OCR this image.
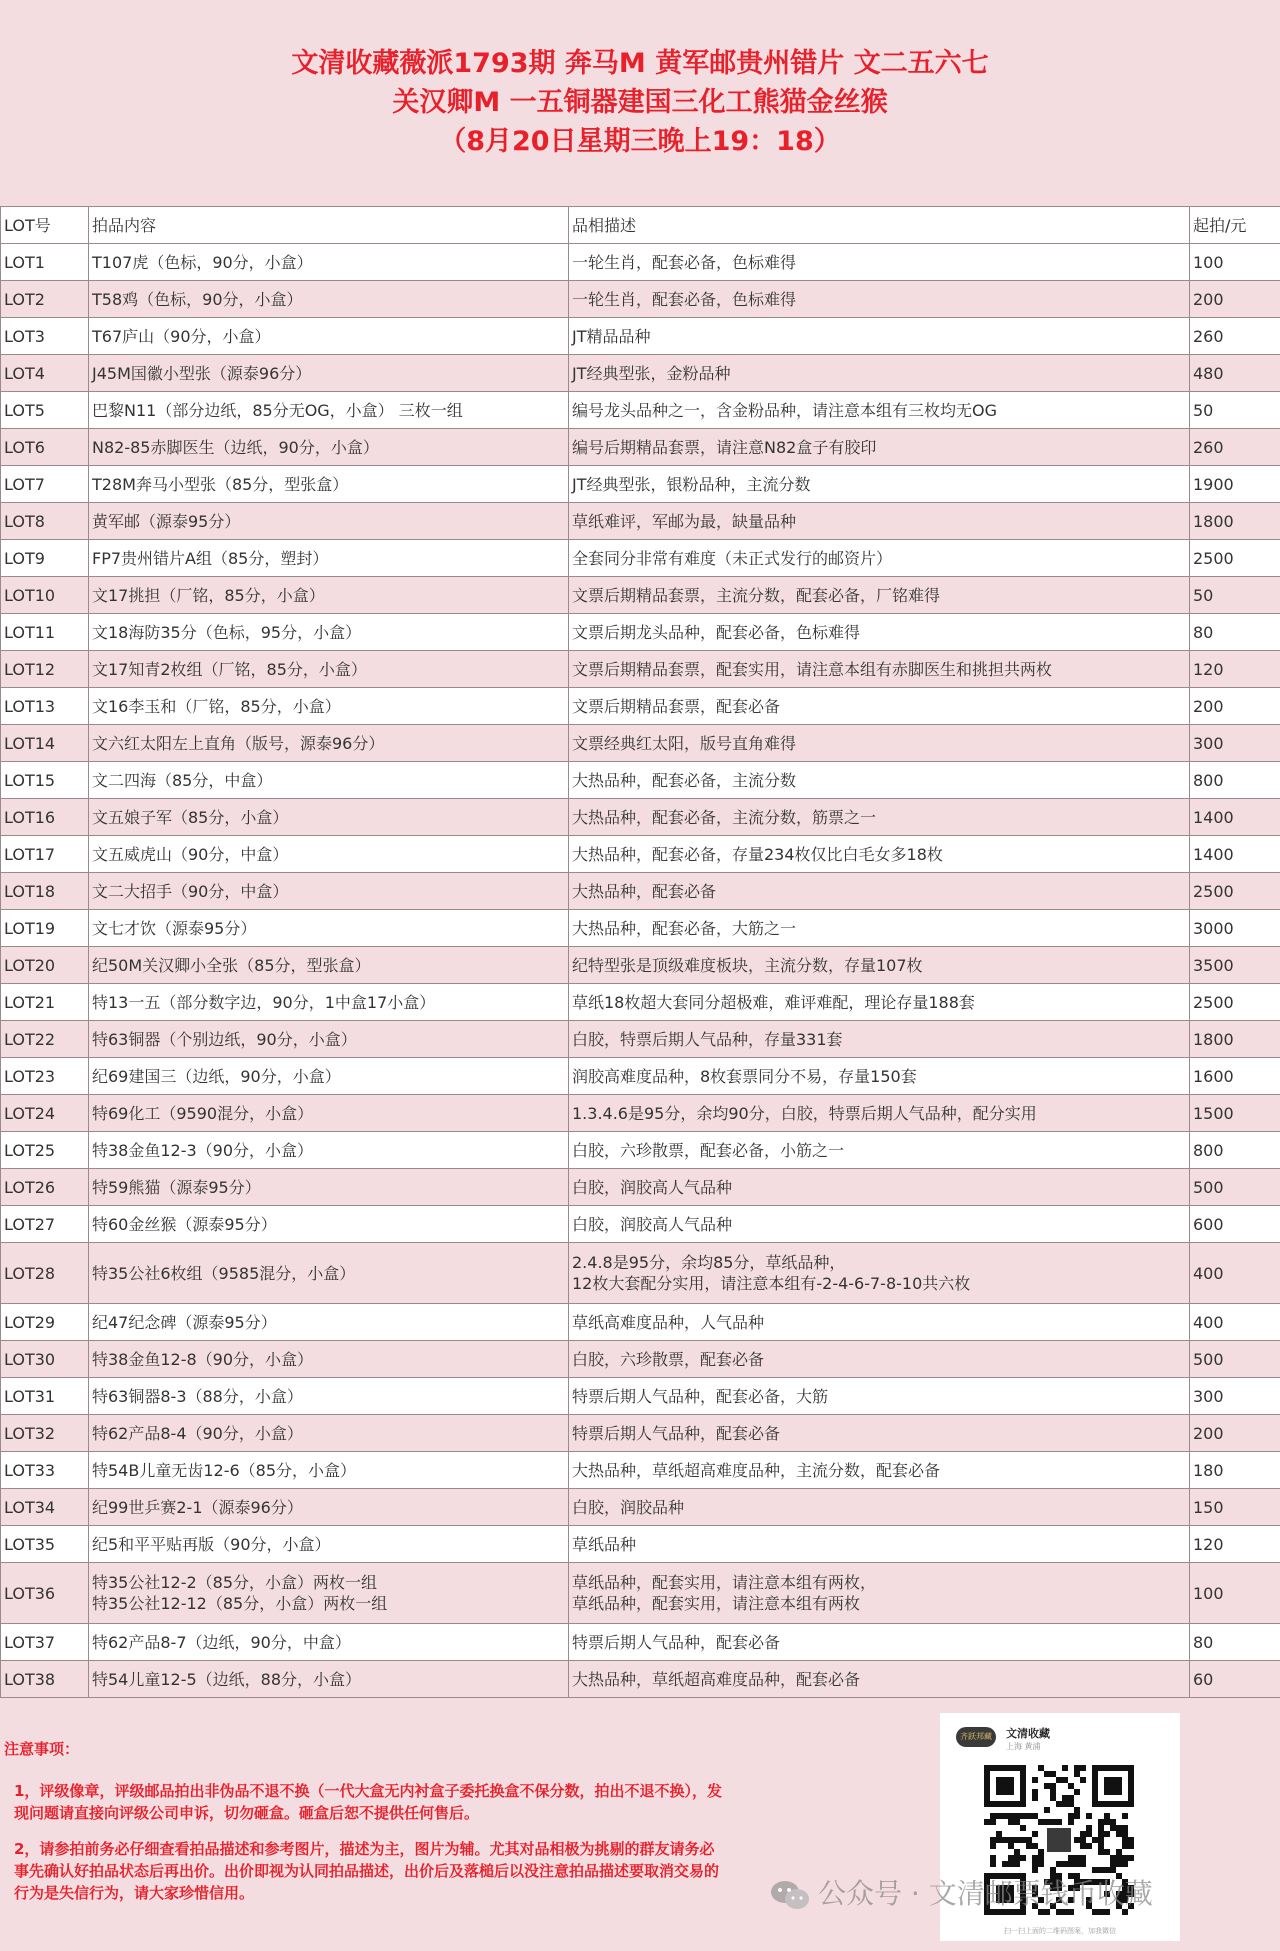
文清收藏薇派1793期 奔马M 黄军邮贵州错片 文二五六七
关汉卿M 一五铜器建国三化工熊猫金丝猴
（8月20日星期三晚上19：18）
LOT号	拍品内容	品相描述	起拍/元
LOT1	T107虎（色标，90分，小盒）	一轮生肖，配套必备，色标难得	100
LOT2	T58鸡（色标，90分，小盒）	一轮生肖，配套必备，色标难得	200
LOT3	T67庐山（90分，小盒）	JT精品品种	260
LOT4	J45M国徽小型张（源泰96分）	JT经典型张，金粉品种	480
LOT5	巴黎N11（部分边纸，85分无OG，小盒） 三枚一组	编号龙头品种之一，含金粉品种，请注意本组有三枚均无OG	50
LOT6	N82-85赤脚医生（边纸，90分，小盒）	编号后期精品套票，请注意N82盒子有胶印	260
LOT7	T28M奔马小型张（85分，型张盒）	JT经典型张，银粉品种，主流分数	1900
LOT8	黄军邮（源泰95分）	草纸难评，军邮为最，缺量品种	1800
LOT9	FP7贵州错片A组（85分，塑封）	全套同分非常有难度（未正式发行的邮资片）	2500
LOT10	文17挑担（厂铭，85分，小盒）	文票后期精品套票，主流分数，配套必备，厂铭难得	50
LOT11	文18海防35分（色标，95分，小盒）	文票后期龙头品种，配套必备，色标难得	80
LOT12	文17知青2枚组（厂铭，85分，小盒）	文票后期精品套票，配套实用，请注意本组有赤脚医生和挑担共两枚	120
LOT13	文16李玉和（厂铭，85分，小盒）	文票后期精品套票，配套必备	200
LOT14	文六红太阳左上直角（版号，源泰96分）	文票经典红太阳，版号直角难得	300
LOT15	文二四海（85分，中盒）	大热品种，配套必备，主流分数	800
LOT16	文五娘子军（85分，小盒）	大热品种，配套必备，主流分数，筋票之一	1400
LOT17	文五威虎山（90分，中盒）	大热品种，配套必备，存量234枚仅比白毛女多18枚	1400
LOT18	文二大招手（90分，中盒）	大热品种，配套必备	2500
LOT19	文七才饮（源泰95分）	大热品种，配套必备，大筋之一	3000
LOT20	纪50M关汉卿小全张（85分，型张盒）	纪特型张是顶级难度板块，主流分数，存量107枚	3500
LOT21	特13一五（部分数字边，90分，1中盒17小盒）	草纸18枚超大套同分超极难，难评难配，理论存量188套	2500
LOT22	特63铜器（个别边纸，90分，小盒）	白胶，特票后期人气品种，存量331套	1800
LOT23	纪69建国三（边纸，90分，小盒）	润胶高难度品种，8枚套票同分不易，存量150套	1600
LOT24	特69化工（9590混分，小盒）	1.3.4.6是95分，余均90分，白胶，特票后期人气品种，配分实用	1500
LOT25	特38金鱼12-3（90分，小盒）	白胶，六珍散票，配套必备，小筋之一	800
LOT26	特59熊猫（源泰95分）	白胶，润胶高人气品种	500
LOT27	特60金丝猴（源泰95分）	白胶，润胶高人气品种	600
LOT28	特35公社6枚组（9585混分，小盒）	2.4.8是95分，余均85分，草纸品种，
12枚大套配分实用，请注意本组有-2-4-6-7-8-10共六枚	400
LOT29	纪47纪念碑（源泰95分）	草纸高难度品种，人气品种	400
LOT30	特38金鱼12-8（90分，小盒）	白胶，六珍散票，配套必备	500
LOT31	特63铜器8-3（88分，小盒）	特票后期人气品种，配套必备，大筋	300
LOT32	特62产品8-4（90分，小盒）	特票后期人气品种，配套必备	200
LOT33	特54B儿童无齿12-6（85分，小盒）	大热品种，草纸超高难度品种，主流分数，配套必备	180
LOT34	纪99世乒赛2-1（源泰96分）	白胶，润胶品种	150
LOT35	纪5和平平贴再版（90分，小盒）	草纸品种	120
LOT36	特35公社12-2（85分，小盒）两枚一组
特35公社12-12（85分，小盒）两枚一组	草纸品种，配套实用，请注意本组有两枚，
草纸品种，配套实用，请注意本组有两枚	100
LOT37	特62产品8-7（边纸，90分，中盒）	特票后期人气品种，配套必备	80
LOT38	特54儿童12-5（边纸，88分，小盒）	大热品种，草纸超高难度品种，配套必备	60
注意事项：

1，评级像章，评级邮品拍出非伪品不退不换（一代大盒无内衬盒子委托换盒不保分数，拍出不退不换），发现问题请直接向评级公司申诉，切勿砸盒。砸盒后恕不提供任何售后。

2，请参拍前务必仔细查看拍品描述和参考图片，描述为主，图片为辅。尤其对品相极为挑剔的群友请务必事先确认好拍品状态后再出价。出价即视为认同拍品描述，出价后及落槌后以没注意拍品描述要取消交易的行为是失信行为，请大家珍惜信用。

齐跃邦藏	文清收藏
上海 黄浦
扫一扫上面的二维码图案，加我微信
公众号 · 文清邮票钱币收藏
